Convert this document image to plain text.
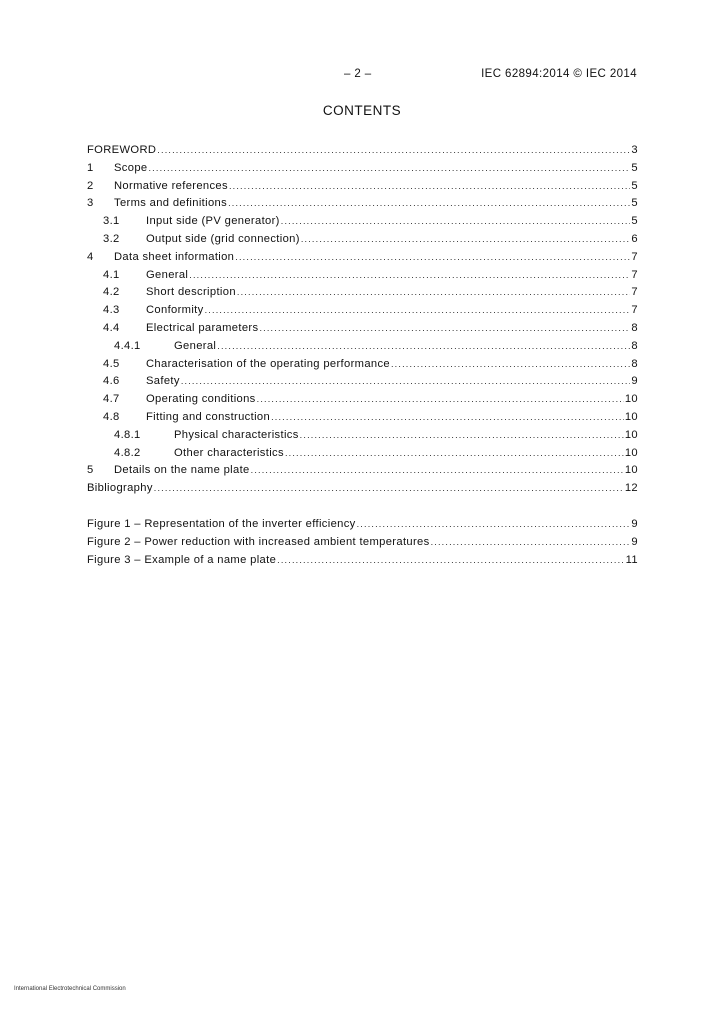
– 2 –	IEC 62894:2014 © IEC 2014
CONTENTS
FOREWORD .....	3
1	Scope .....	5
2	Normative references .....	5
3	Terms and definitions .....	5
3.1	Input side (PV generator) .....	5
3.2	Output side (grid connection) .....	6
4	Data sheet information .....	7
4.1	General .....	7
4.2	Short description .....	7
4.3	Conformity .....	7
4.4	Electrical parameters .....	8
4.4.1	General .....	8
4.5	Characterisation of the operating performance .....	8
4.6	Safety .....	9
4.7	Operating conditions .....	10
4.8	Fitting and construction .....	10
4.8.1	Physical characteristics .....	10
4.8.2	Other characteristics .....	10
5	Details on the name plate .....	10
Bibliography .....	12
Figure 1 – Representation of the inverter efficiency .....	9
Figure 2 – Power reduction with increased ambient temperatures .....	9
Figure 3 – Example of a name plate .....	11
International Electrotechnical Commission
